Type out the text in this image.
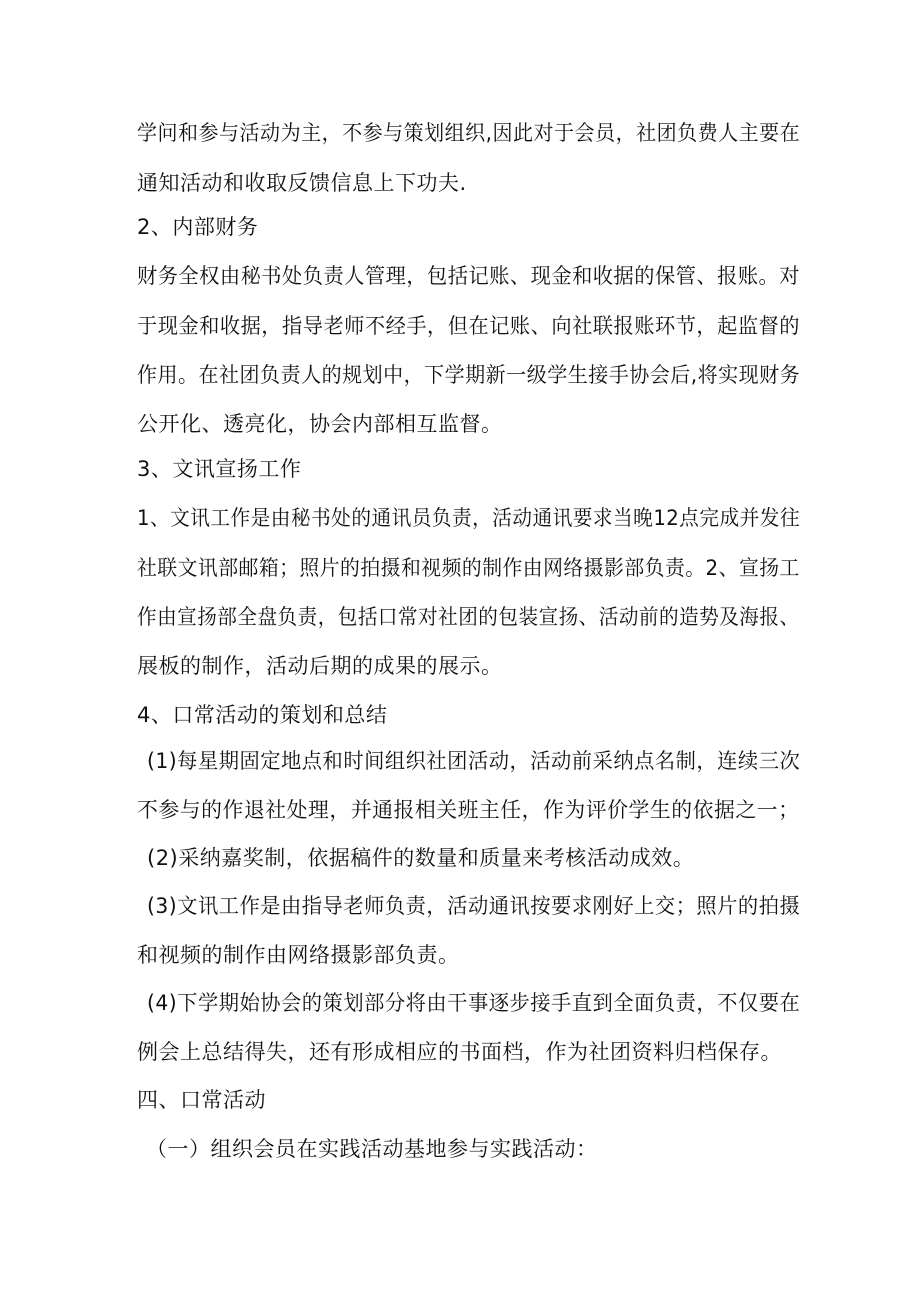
学问和参与活动为主，不参与策划组织,因此对于会员，社团负费人主要在
通知活动和收取反馈信息上下功夫.
2、内部财务
财务全权由秘书处负责人管理，包括记账、现金和收据的保管、报账。对
于现金和收据，指导老师不经手，但在记账、向社联报账环节，起监督的
作用。在社团负责人的规划中，下学期新一级学生接手协会后,将实现财务
公开化、透亮化，协会内部相互监督。
3、文讯宣扬工作
1、文讯工作是由秘书处的通讯员负责，活动通讯要求当晚12点完成并发往
社联文讯部邮箱；照片的拍摄和视频的制作由网络摄影部负责。2、宣扬工
作由宣扬部全盘负责，包括口常对社团的包装宣扬、活动前的造势及海报、
展板的制作，活动后期的成果的展示。
4、口常活动的策划和总结
(1)每星期固定地点和时间组织社团活动，活动前采纳点名制，连续三次
不参与的作退社处理，并通报相关班主任，作为评价学生的依据之一；
(2)采纳嘉奖制，依据稿件的数量和质量来考核活动成效。
(3)文讯工作是由指导老师负责，活动通讯按要求刚好上交；照片的拍摄
和视频的制作由网络摄影部负责。
(4)下学期始协会的策划部分将由干事逐步接手直到全面负责，不仅要在
例会上总结得失，还有形成相应的书面档，作为社团资料归档保存。
四、口常活动
（一）组织会员在实践活动基地参与实践活动：
